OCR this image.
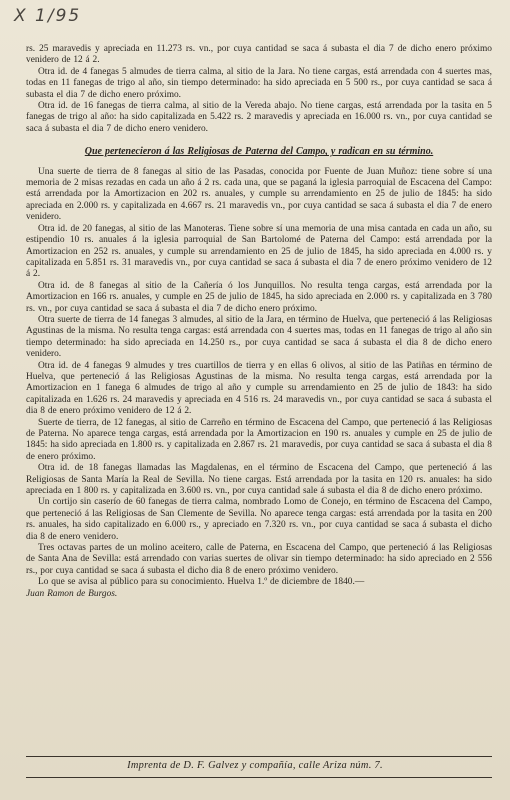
X 1/95

rs. 25 maravedis y apreciada en 11.273 rs. vn., por cuya cantidad se saca á subasta el dia 7 de dicho enero próximo venidero de 12 á 2.

Otra id. de 4 fanegas 5 almudes de tierra calma, al sitio de la Jara. No tiene cargas, está arrendada con 4 suertes mas, todas en 11 fanegas de trigo al año, sin tiempo determinado: ha sido apreciada en 5 500 rs., por cuya cantidad se saca á subasta el dia 7 de dicho enero próximo.

Otra id. de 16 fanegas de tierra calma, al sitio de la Vereda abajo. No tiene cargas, está arrendada por la tasita en 5 fanegas de trigo al año: ha sido capitalizada en 5.422 rs. 2 maravedis y apreciada en 16.000 rs. vn., por cuya cantidad se saca á subasta el dia 7 de dicho enero venidero.

Que pertenecieron á las Religiosas de Paterna del Campo, y radican en su término.

Una suerte de tierra de 8 fanegas al sitio de las Pasadas, conocida por Fuente de Juan Muñoz: tiene sobre sí una memoria de 2 misas rezadas en cada un año á 2 rs. cada una, que se paganá la iglesia parroquial de Escacena del Campo: está arrendada por la Amortizacion en 202 rs. anuales, y cumple su arrendamiento en 25 de julio de 1845: ha sido apreciada en 2.000 rs. y capitalizada en 4.667 rs. 21 maravedis vn., por cuya cantidad se saca á subasta el dia 7 de enero venidero.

Otra id. de 20 fanegas, al sitio de las Manoteras. Tiene sobre sí una memoria de una misa cantada en cada un año, su estipendio 10 rs. anuales á la iglesia parroquial de San Bartolomé de Paterna del Campo: está arrendada por la Amortizacion en 252 rs. anuales, y cumple su arrendamiento en 25 de julio de 1845, ha sido apreciada en 4.000 rs. y capitalizada en 5.851 rs. 31 maravedis vn., por cuya cantidad se saca á subasta el dia 7 de enero próximo venidero de 12 á 2.

Otra id. de 8 fanegas al sitio de la Cañería ó los Junquillos. No resulta tenga cargas, está arrendada por la Amortizacion en 166 rs. anuales, y cumple en 25 de julio de 1845, ha sido apreciada en 2.000 rs. y capitalizada en 3 780 rs. vn., por cuya cantidad se saca á subasta el dia 7 de dicho enero próximo.

Otra suerte de tierra de 14 fanegas 3 almudes, al sitio de la Jara, en término de Huelva, que perteneció á las Religiosas Agustinas de la misma. No resulta tenga cargas: está arrendada con 4 suertes mas, todas en 11 fanegas de trigo al año sin tiempo determinado: ha sido apreciada en 14.250 rs., por cuya cantidad se saca á subasta el dia 8 de dicho enero venidero.

Otra id. de 4 fanegas 9 almudes y tres cuartillos de tierra y en ellas 6 olivos, al sitio de las Patiñas en término de Huelva, que perteneció á las Religiosas Agustinas de la misma. No resulta tenga cargas, está arrendada por la Amortizacion en 1 fanega 6 almudes de trigo al año y cumple su arrendamiento en 25 de julio de 1843: ha sido capitalizada en 1.626 rs. 24 maravedis y apreciada en 4 516 rs. 24 maravedis vn., por cuya cantidad se saca á subasta el dia 8 de enero próximo venidero de 12 á 2.

Suerte de tierra, de 12 fanegas, al sitio de Carreño en término de Escacena del Campo, que perteneció á las Religiosas de Paterna. No aparece tenga cargas, está arrendada por la Amortizacion en 190 rs. anuales y cumple en 25 de julio de 1845: ha sido apreciada en 1.800 rs. y capitalizada en 2.867 rs. 21 maravedis, por cuya cantidad se saca á subasta el dia 8 de enero próximo.

Otra id. de 18 fanegas llamadas las Magdalenas, en el término de Escacena del Campo, que perteneció á las Religiosas de Santa María la Real de Sevilla. No tiene cargas. Está arrendada por la tasita en 120 rs. anuales: ha sido apreciada en 1 800 rs. y capitalizada en 3.600 rs. vn., por cuya cantidad sale á subasta el dia 8 de dicho enero próximo.

Un cortijo sin caserío de 60 fanegas de tierra calma, nombrado Lomo de Conejo, en término de Escacena del Campo, que perteneció á las Religiosas de San Clemente de Sevilla. No aparece tenga cargas: está arrendada por la tasita en 200 rs. anuales, ha sido capitalizado en 6.000 rs., y apreciado en 7.320 rs. vn., por cuya cantidad se saca á subasta el dicho dia 8 de enero venidero.

Tres octavas partes de un molino aceitero, calle de Paterna, en Escacena del Campo, que perteneció á las Religiosas de Santa Ana de Sevilla: está arrendado con varias suertes de olivar sin tiempo determinado: ha sido apreciado en 2 556 rs., por cuya cantidad se saca á subasta el dicho dia 8 de enero próximo venidero.

Lo que se avisa al público para su conocimiento. Huelva 1.º de diciembre de 1840.—

Juan Ramon de Burgos.

Imprenta de D. F. Galvez y compañía, calle Ariza núm. 7.
